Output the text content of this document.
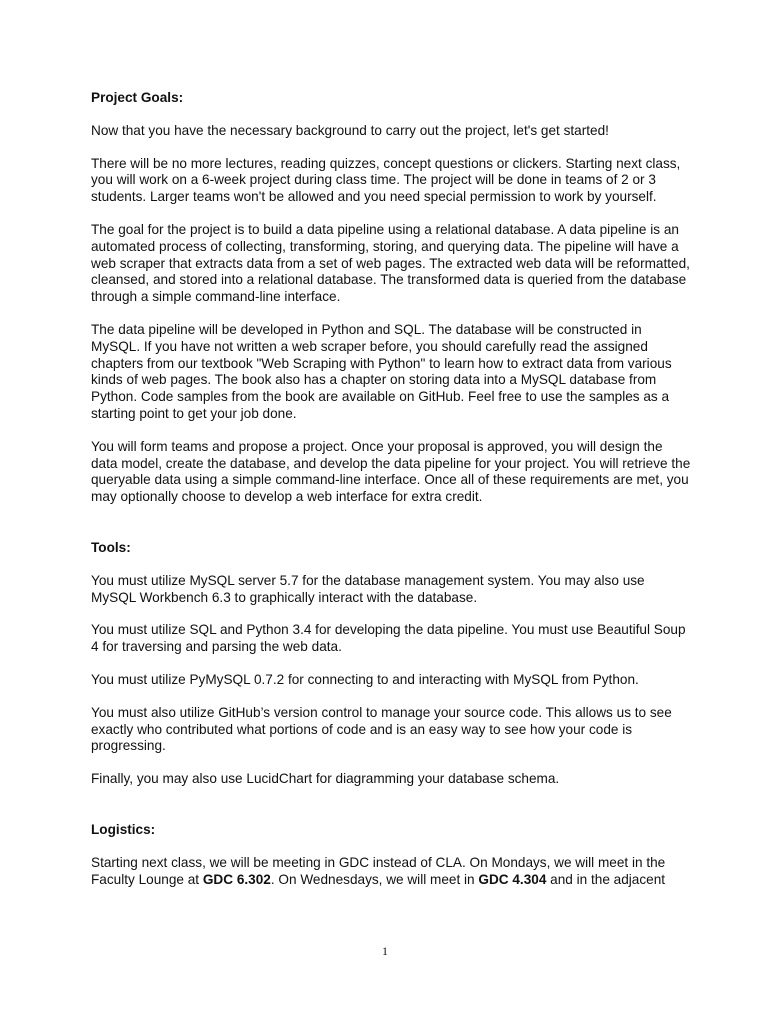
Project Goals:

Now that you have the necessary background to carry out the project, let's get started!

There will be no more lectures, reading quizzes, concept questions or clickers. Starting next class, you will work on a 6-week project during class time. The project will be done in teams of 2 or 3 students. Larger teams won't be allowed and you need special permission to work by yourself.

The goal for the project is to build a data pipeline using a relational database. A data pipeline is an automated process of collecting, transforming, storing, and querying data. The pipeline will have a web scraper that extracts data from a set of web pages. The extracted web data will be reformatted, cleansed, and stored into a relational database. The transformed data is queried from the database through a simple command-line interface.

The data pipeline will be developed in Python and SQL. The database will be constructed in MySQL. If you have not written a web scraper before, you should carefully read the assigned chapters from our textbook "Web Scraping with Python" to learn how to extract data from various kinds of web pages. The book also has a chapter on storing data into a MySQL database from Python. Code samples from the book are available on GitHub. Feel free to use the samples as a starting point to get your job done.

You will form teams and propose a project. Once your proposal is approved, you will design the data model, create the database, and develop the data pipeline for your project. You will retrieve the queryable data using a simple command-line interface. Once all of these requirements are met, you may optionally choose to develop a web interface for extra credit.

Tools:

You must utilize MySQL server 5.7 for the database management system. You may also use MySQL Workbench 6.3 to graphically interact with the database.

You must utilize SQL and Python 3.4 for developing the data pipeline. You must use Beautiful Soup 4 for traversing and parsing the web data.

You must utilize PyMySQL 0.7.2 for connecting to and interacting with MySQL from Python.

You must also utilize GitHub’s version control to manage your source code. This allows us to see exactly who contributed what portions of code and is an easy way to see how your code is progressing.

Finally, you may also use LucidChart for diagramming your database schema.

Logistics:

Starting next class, we will be meeting in GDC instead of CLA. On Mondays, we will meet in the Faculty Lounge at GDC 6.302. On Wednesdays, we will meet in GDC 4.304 and in the adjacent

1
